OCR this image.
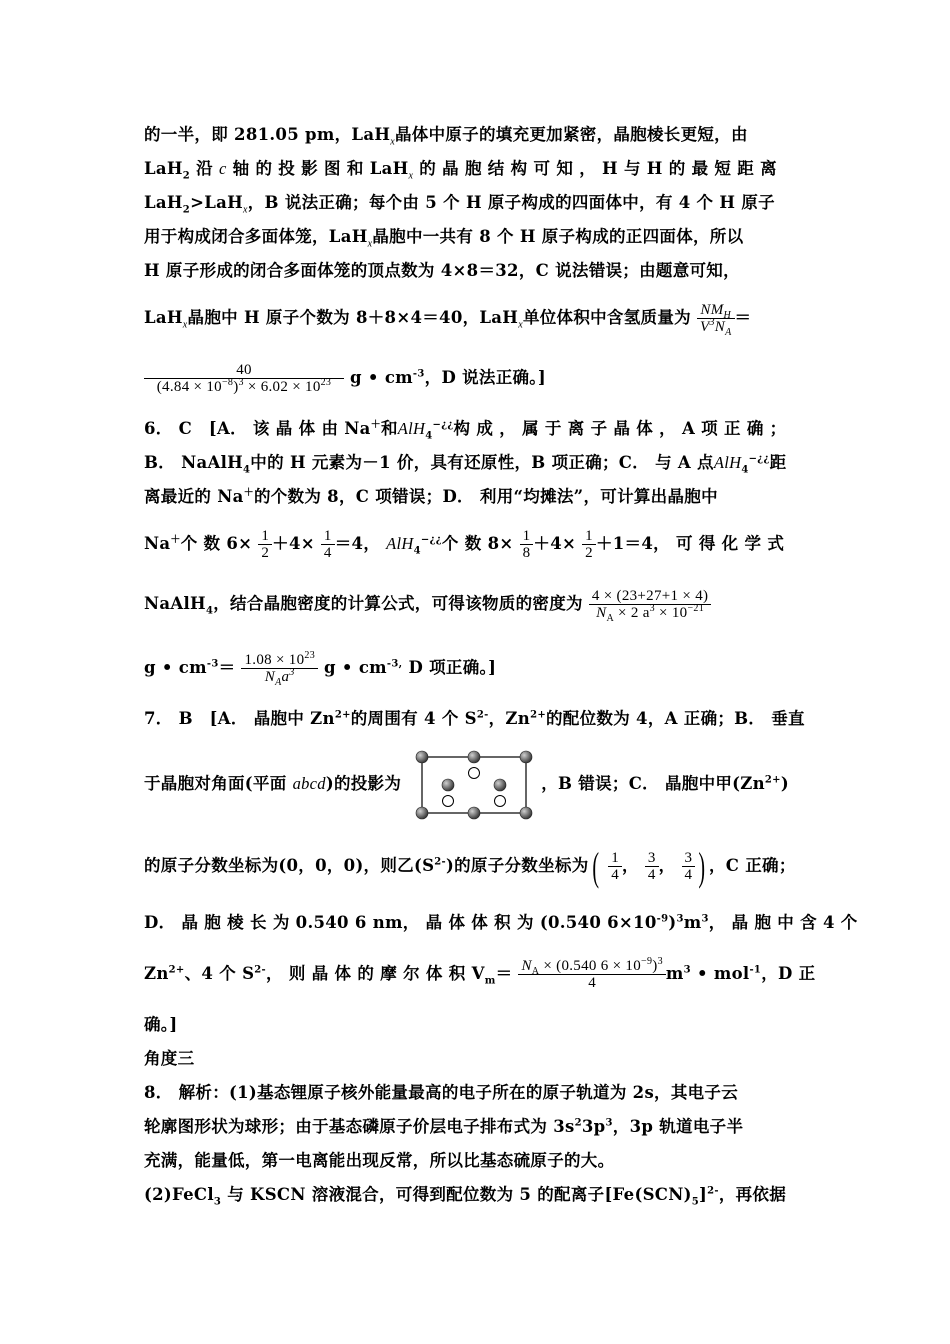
的一半，即 281.05 pm，LaH$_x$晶体中原子的填充更加紧密，晶胞棱长更短，由
LaH$_2$ 沿 c 轴 的 投 影 图 和 LaH$_x$ 的 晶 胞 结 构 可 知 ， H 与 H 的 最 短 距 离
LaH$_2$>LaH$_x$，B 说法正确；每个由 5 个 H 原子构成的四面体中，有 4 个 H 原子
用于构成闭合多面体笼，LaH$_x$晶胞中一共有 8 个 H 原子构成的正四面体，所以
H 原子形成的闭合多面体笼的顶点数为 4×8＝32，C 说法错误；由题意可知，
LaH$_x$晶胞中 H 原子个数为 8＋8×4＝40，LaH$_x$单位体积中含氢质量为 $NM_H$
$V^3N_A$
＝
$\frac{40}{(4.84 \times 10^{-8})^3 \times 6.02 \times 10^{23}}$ g • $cm^{-3}$，D 说法正确。]
6． C　[A． 该 晶 体 由 Na＋和AlH$_4$−¿¿构 成 ， 属 于 离 子 晶 体 ， A 项 正 确 ；
B． NaAlH$_4$中的 H 元素为－1 价，具有还原性，B 项正确；C． 与 A 点AlH$_4$−¿¿距
离最近的 Na＋的个数为 8，C 项错误；D． 利用“均摊法”，可计算出晶胞中
Na＋个 数 $6\times \frac{1}{2} +4\times \frac{1}{4} =4$， AlH$_4$−¿¿个 数 $8\times \frac{1}{8} +4\times \frac{1}{2} +1=4$， 可 得 化 学 式
NaAlH$_4$，结合晶胞密度的计算公式，可得该物质的密度为 $\frac{4 \times (23+27+1 \times 4)}{N_A \times 2 a^3 \times 10^{-21}}$
g • $cm^{-3}= 1.08 \times 10^{23}$
$N_Aa^3$	g • $cm^{-3,}$ D 项正确。]
7． B　[A． 晶胞中 $Zn^{2+}$的周围有 4 个 $S^{2-}$，$Zn^{2+}$的配位数为 4，A 正确；B． 垂直
于晶胞对角面(平面 abcd)的投影为	，B 错误；C． 晶胞中甲$(Zn^{2+})$
的原子分数坐标为(0，0，0)，则乙$(S^{2-})$的原子分数坐标为( $\frac{1}{4}$ ， $\frac{3}{4}$ ， $\frac{3}{4}$ ) ，C 正确；
D． 晶 胞 棱 长 为 0.540 6 nm， 晶 体 体 积 为 (0.540 $6\times 10^{-9})^3m^3$， 晶 胞 中 含 4 个
$Zn^{2+}$、4 个 $S^{2-}$， 则 晶 体 的 摩 尔 体 积 $V_m= \frac{N_A \times (0.540 6 \times 10^{-9})^3}{4} m^3$ • mol$^{-1}$，D 正
确。]
角度三
8． 解析：(1)基态锂原子核外能量最高的电子所在的原子轨道为 2s，其电子云
轮廓图形状为球形；由于基态磷原子价层电子排布式为 $3s^23p^3$，3p 轨道电子半
充满，能量低，第一电离能出现反常，所以比基态硫原子的大。
(2)FeCl$_3$ 与 KSCN 溶液混合，可得到配位数为 5 的配离子$[Fe(SCN)_5]^{2-}$，再依据
